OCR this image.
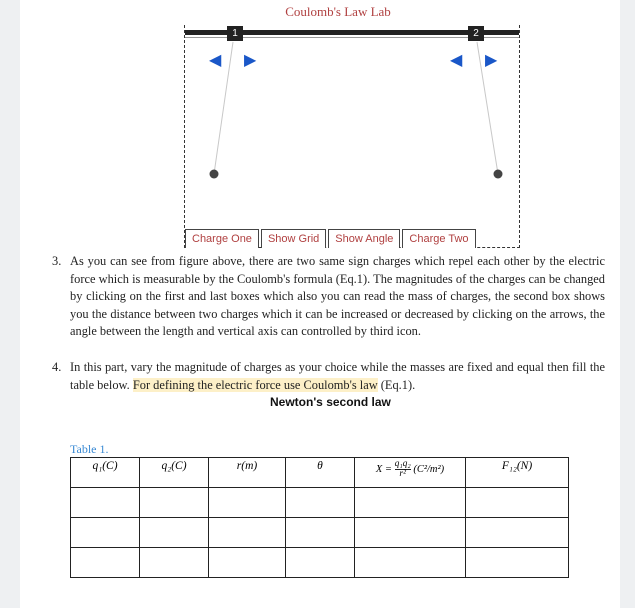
Coulomb's Law Lab
1	2
◀ ▶	◀ ▶
Charge One	Show Grid	Show Angle	Charge Two
3. As you can see from figure above, there are two same sign charges which repel each other by the electric force which is measurable by the Coulomb's formula (Eq.1). The magnitudes of the charges can be changed by clicking on the first and last boxes which also you can read the mass of charges, the second box shows you the distance between two charges which it can be increased or decreased by clicking on the arrows, the angle between the length and vertical axis can controlled by third icon.
4. In this part, vary the magnitude of charges as your choice while the masses are fixed and equal then fill the table below. For defining the electric force use Coulomb's law (Eq.1).
Newton's second law
Table 1.
q₁(C)	q₂(C)	r(m)	θ	$X = \frac{\text{q₁q₂}}{\text{r²}} (C^2/m^2)$	F₁₂(N)
